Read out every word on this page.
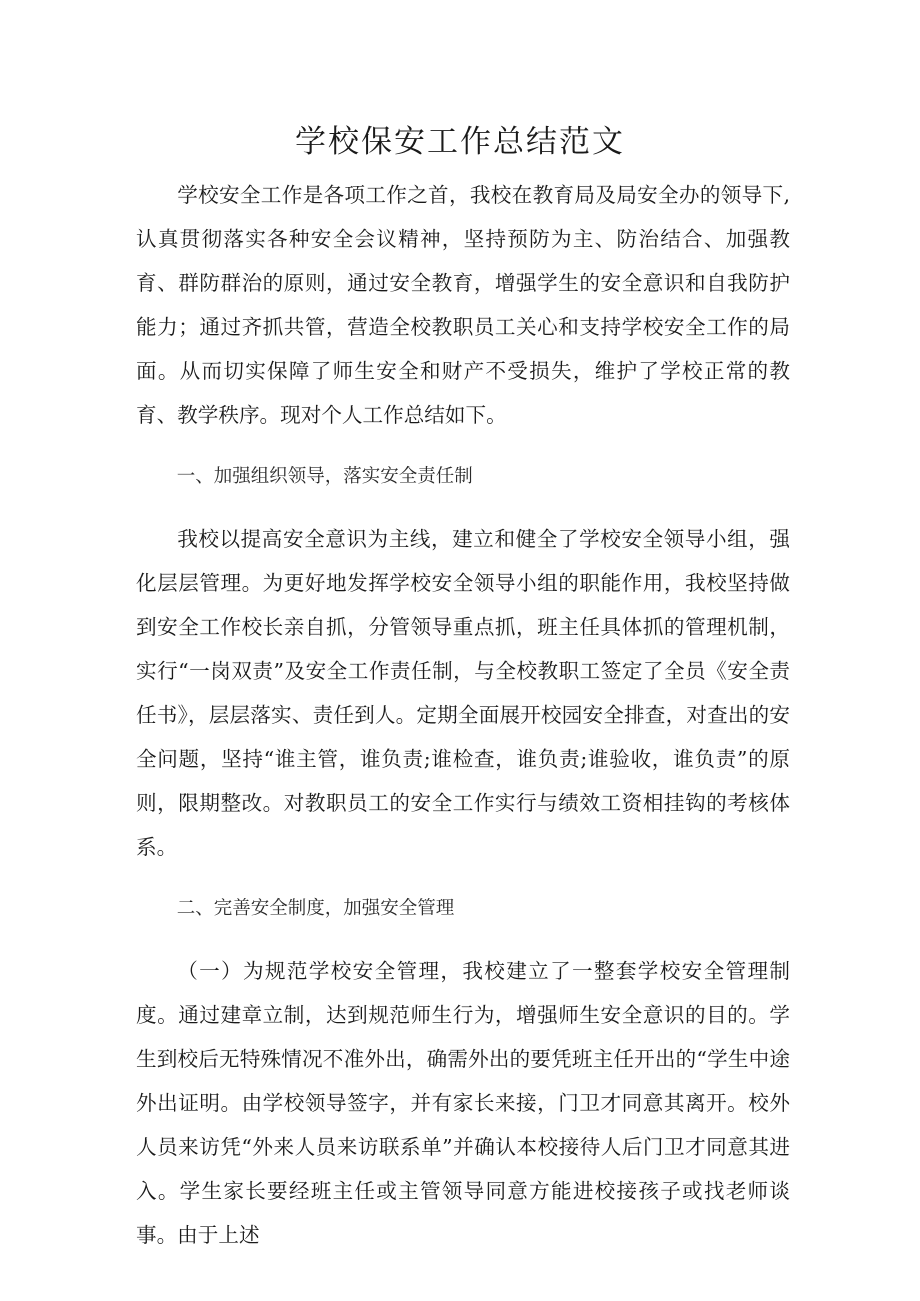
学校保安工作总结范文

学校安全工作是各项工作之首，我校在教育局及局安全办的领导下,认真贯彻落实各种安全会议精神，坚持预防为主、防治结合、加强教育、群防群治的原则，通过安全教育，增强学生的安全意识和自我防护能力；通过齐抓共管，营造全校教职员工关心和支持学校安全工作的局面。从而切实保障了师生安全和财产不受损失，维护了学校正常的教育、教学秩序。现对个人工作总结如下。

一、加强组织领导，落实安全责任制

我校以提高安全意识为主线，建立和健全了学校安全领导小组，强化层层管理。为更好地发挥学校安全领导小组的职能作用，我校坚持做到安全工作校长亲自抓，分管领导重点抓，班主任具体抓的管理机制，实行“一岗双责”及安全工作责任制，与全校教职工签定了全员《安全责任书》，层层落实、责任到人。定期全面展开校园安全排查，对查出的安全问题，坚持“谁主管，谁负责;谁检查，谁负责;谁验收，谁负责”的原则，限期整改。对教职员工的安全工作实行与绩效工资相挂钩的考核体系。

二、完善安全制度，加强安全管理

（一）为规范学校安全管理，我校建立了一整套学校安全管理制度。通过建章立制，达到规范师生行为，增强师生安全意识的目的。学生到校后无特殊情况不准外出，确需外出的要凭班主任开出的“学生中途外出证明。由学校领导签字，并有家长来接，门卫才同意其离开。校外人员来访凭“外来人员来访联系单”并确认本校接待人后门卫才同意其进入。学生家长要经班主任或主管领导同意方能进校接孩子或找老师谈事。由于上述
